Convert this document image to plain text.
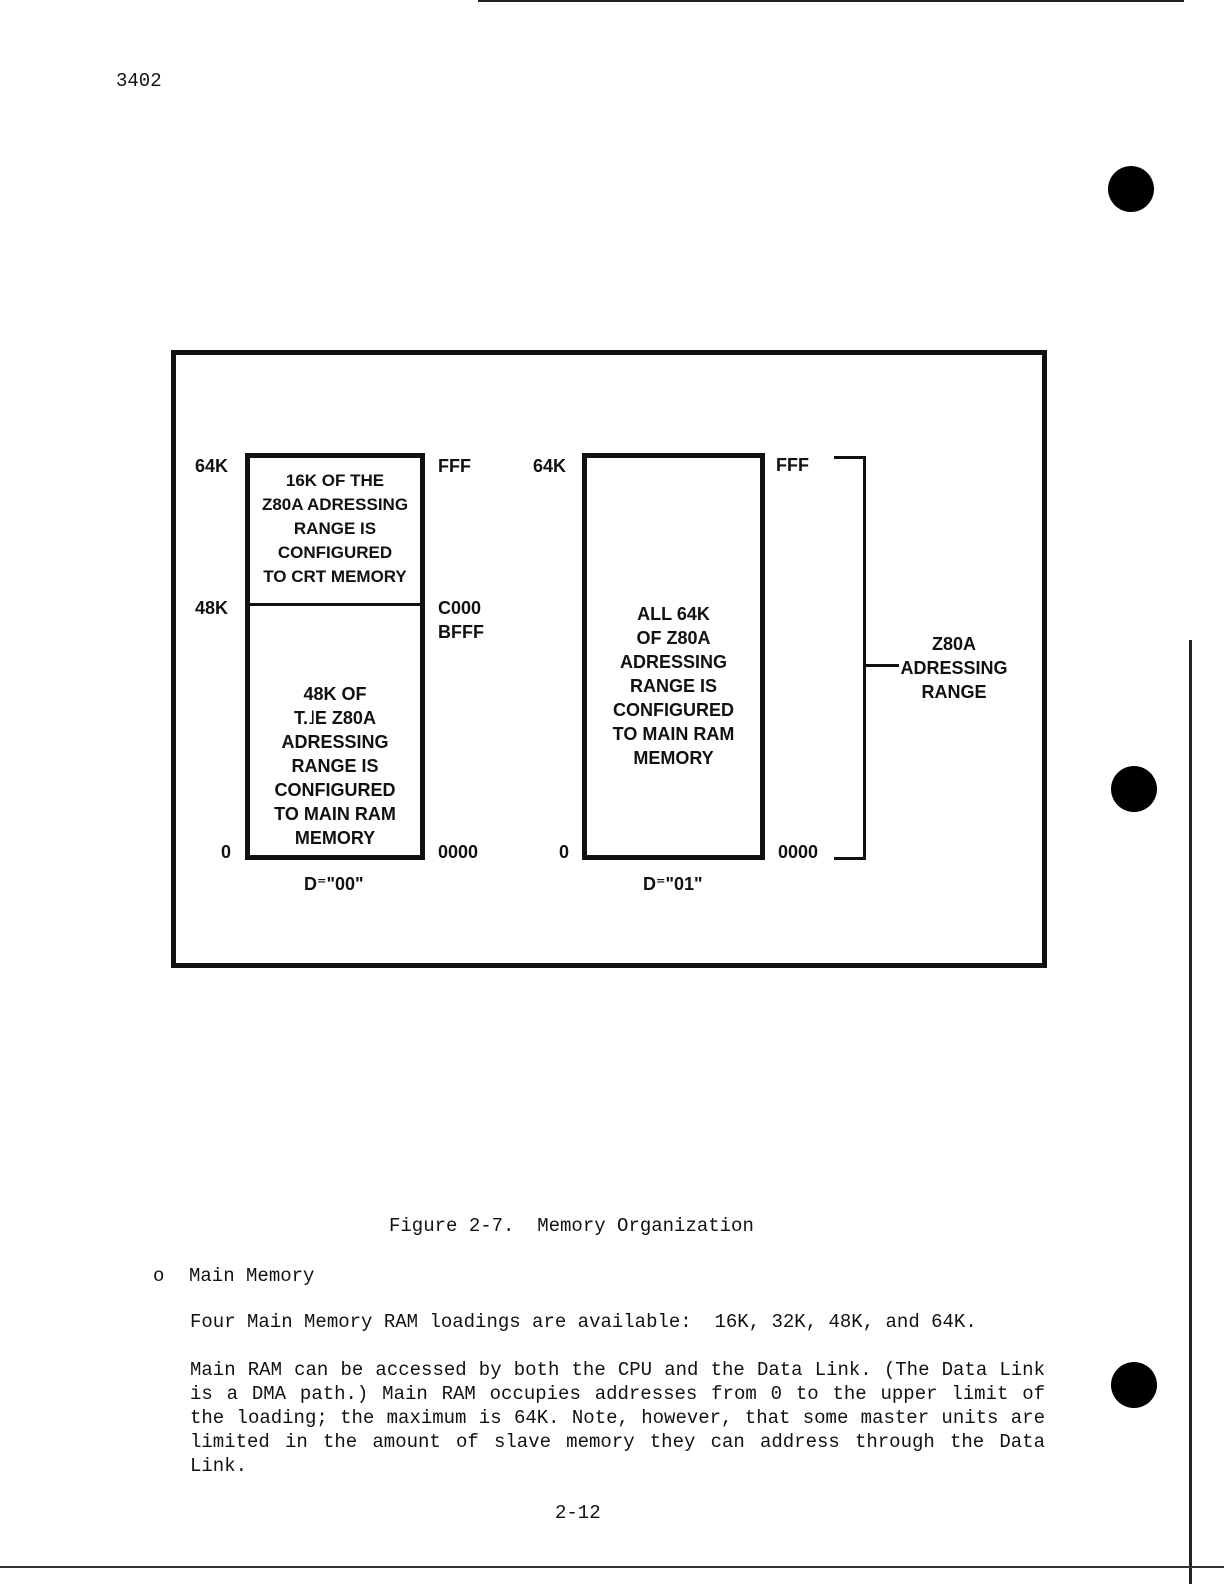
3402
64K
48K
0
16K OF THE
Z80A ADRESSING
RANGE IS
CONFIGURED
TO CRT MEMORY
48K OF
T.˩E Z80A
ADRESSING
RANGE IS
CONFIGURED
TO MAIN RAM
MEMORY
FFF
C000
BFFF
0000
D⁼"00"
64K
0
ALL 64K
OF Z80A
ADRESSING
RANGE IS
CONFIGURED
TO MAIN RAM
MEMORY
FFF
0000
D⁼"01"
Z80A
ADRESSING
RANGE
Figure 2-7.  Memory Organization
o Main Memory
Four Main Memory RAM loadings are available:  16K, 32K, 48K, and 64K.
Main RAM can be accessed by both the CPU and the Data Link. (The Data Link is a DMA path.) Main RAM occupies addresses from 0 to the upper limit of the loading; the maximum is 64K. Note, however, that some master units are limited in the amount of slave memory they can address through the Data Link.
2-12
